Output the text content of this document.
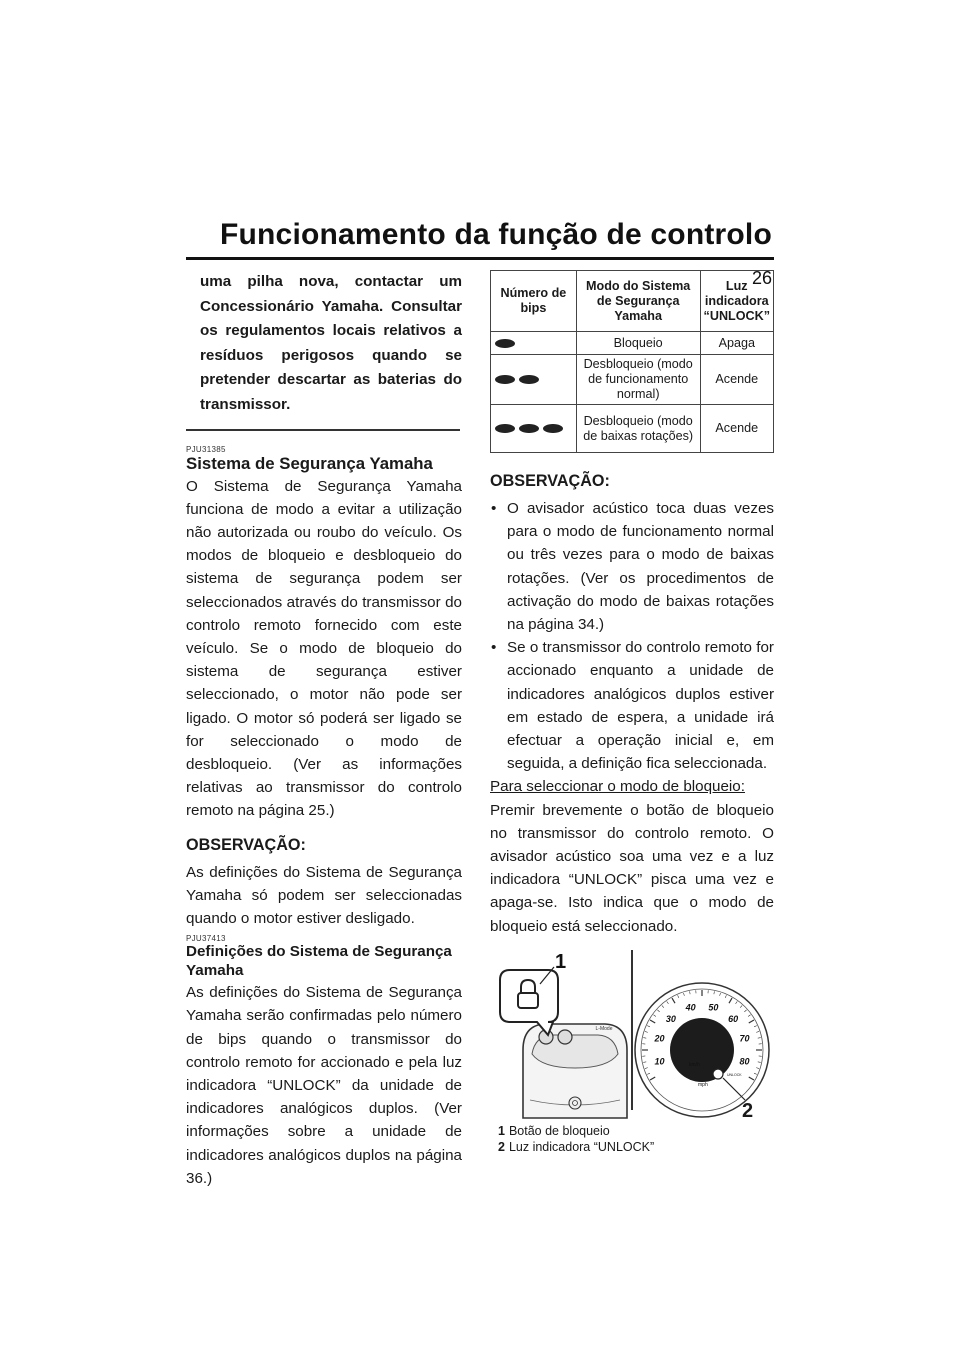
Funcionamento da função de controlo
26
uma pilha nova, contactar um Concessionário Yamaha. Consultar os regulamentos locais relativos a resíduos perigosos quando se pretender descartar as baterias do transmissor.
PJU31385
Sistema de Segurança Yamaha
O Sistema de Segurança Yamaha funciona de modo a evitar a utilização não autorizada ou roubo do veículo. Os modos de bloqueio e desbloqueio do sistema de segurança podem ser seleccionados através do transmissor do controlo remoto fornecido com este veículo. Se o modo de bloqueio do sistema de segurança estiver seleccionado, o motor não pode ser ligado. O motor só poderá ser ligado se for seleccionado o modo de desbloqueio. (Ver as informações relativas ao transmissor do controlo remoto na página 25.)
OBSERVAÇÃO:
As definições do Sistema de Segurança Yamaha só podem ser seleccionadas quando o motor estiver desligado.
PJU37413
Definições do Sistema de Segurança Yamaha
As definições do Sistema de Segurança Yamaha serão confirmadas pelo número de bips quando o transmissor do controlo remoto for accionado e pela luz indicadora “UNLOCK” da unidade de indicadores analógicos duplos. (Ver informações sobre a unidade de indicadores analógicos duplos na página 36.)
Número de bips	Modo do Sistema de Segurança Yamaha	Luz indicadora “UNLOCK”
	Bloqueio	Apaga
	Desbloqueio (modo de funcionamento normal)	Acende
	Desbloqueio (modo de baixas rotações)	Acende
OBSERVAÇÃO:
• O avisador acústico toca duas vezes para o modo de funcionamento normal ou três vezes para o modo de baixas rotações. (Ver os procedimentos de activação do modo de baixas rotações na página 34.)
• Se o transmissor do controlo remoto for accionado enquanto a unidade de indicadores analógicos duplos estiver em estado de espera, a unidade irá efectuar a operação inicial e, em seguida, a definição fica seleccionada.
Para seleccionar o modo de bloqueio:
Premir brevemente o botão de bloqueio no transmissor do controlo remoto. O avisador acústico soa uma vez e a luz indicadora “UNLOCK” pisca uma vez e apaga-se. Isto indica que o modo de bloqueio está seleccionado.
L-Mode
1
10
20
30
40 50
60
70
80
km/h
mph
UNLOCK
2
1 Botão de bloqueio
2 Luz indicadora “UNLOCK”
